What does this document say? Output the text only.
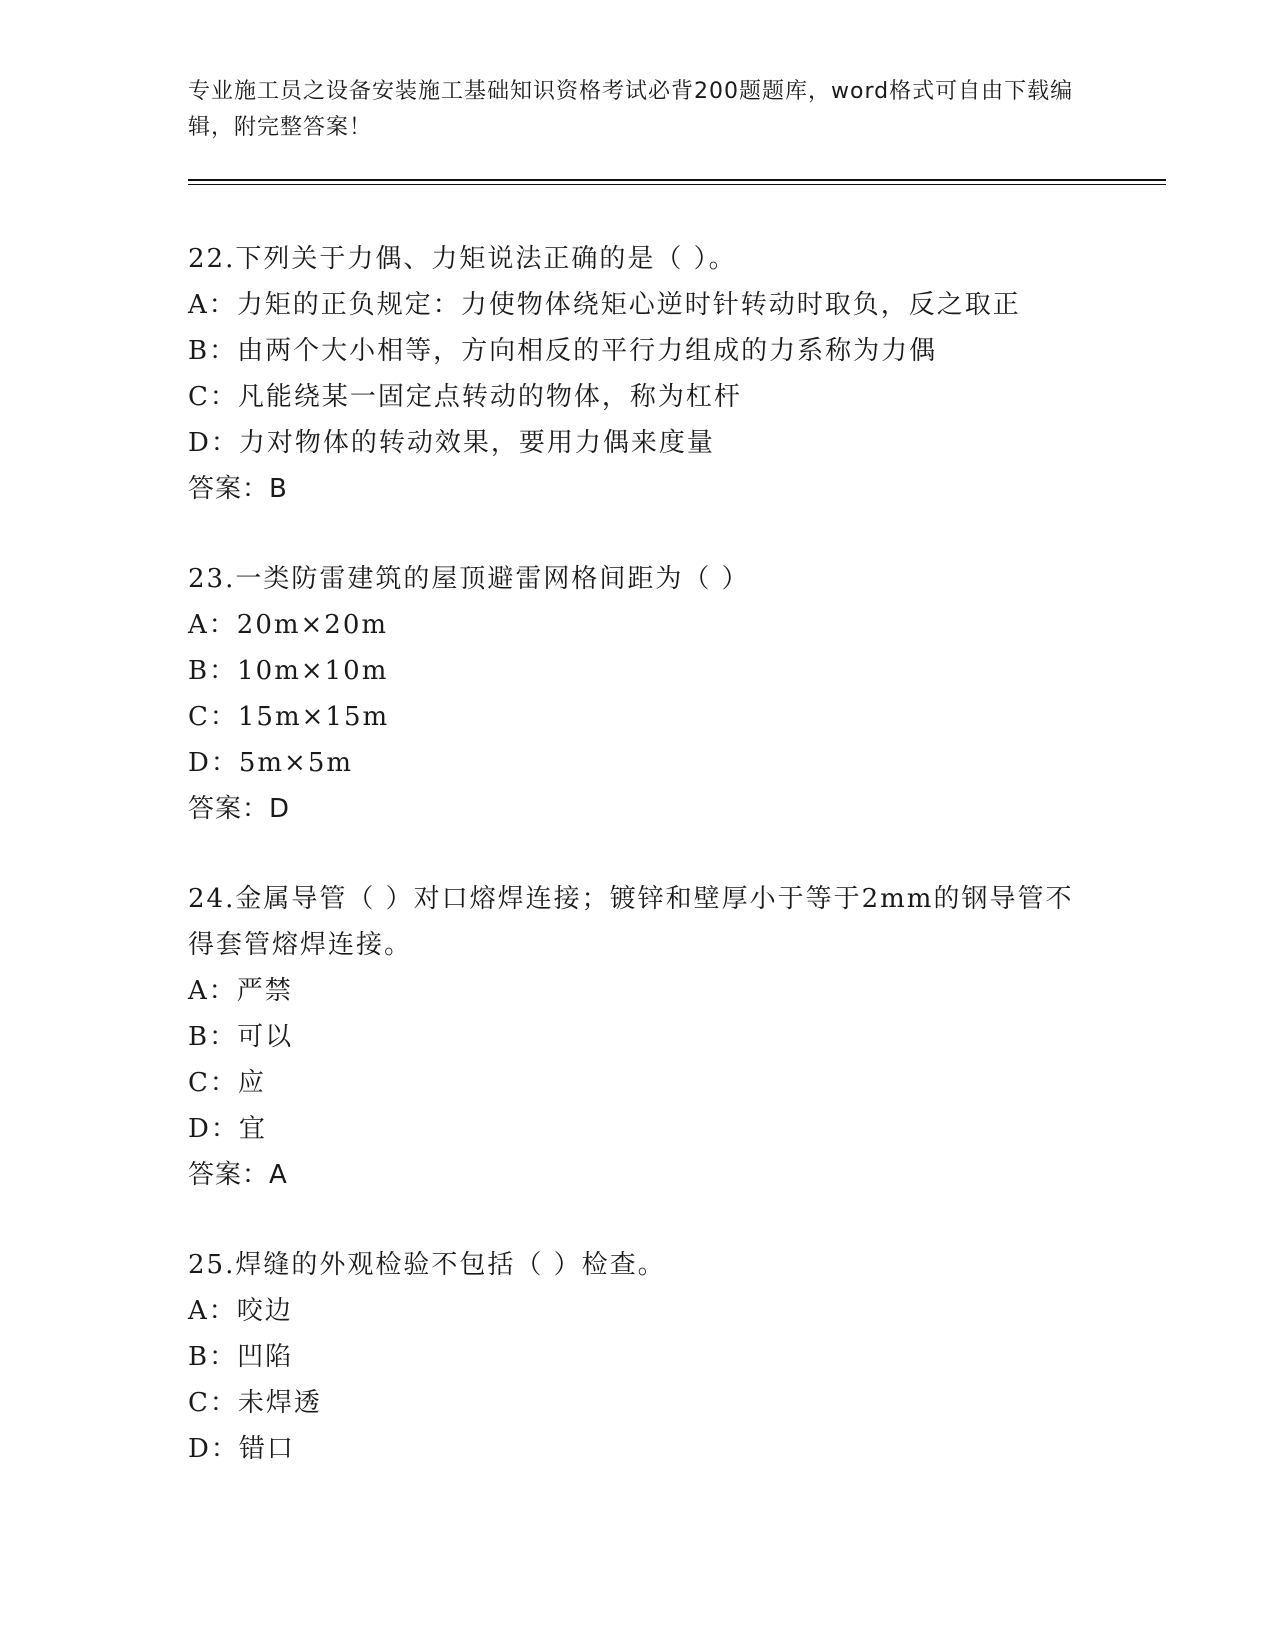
专业施工员之设备安装施工基础知识资格考试必背200题题库，word格式可自由下载编辑，附完整答案！
22.下列关于力偶、力矩说法正确的是（ ）。
A：力矩的正负规定：力使物体绕矩心逆时针转动时取负，反之取正
B：由两个大小相等，方向相反的平行力组成的力系称为力偶
C：凡能绕某一固定点转动的物体，称为杠杆
D：力对物体的转动效果，要用力偶来度量
答案：B
23.一类防雷建筑的屋顶避雷网格间距为（ ）
A：20m×20m
B：10m×10m
C：15m×15m
D：5m×5m
答案：D
24.金属导管（ ）对口熔焊连接；镀锌和壁厚小于等于2mm的钢导管不得套管熔焊连接。
A：严禁
B：可以
C：应
D：宜
答案：A
25.焊缝的外观检验不包括（ ）检查。
A：咬边
B：凹陷
C：未焊透
D：错口
